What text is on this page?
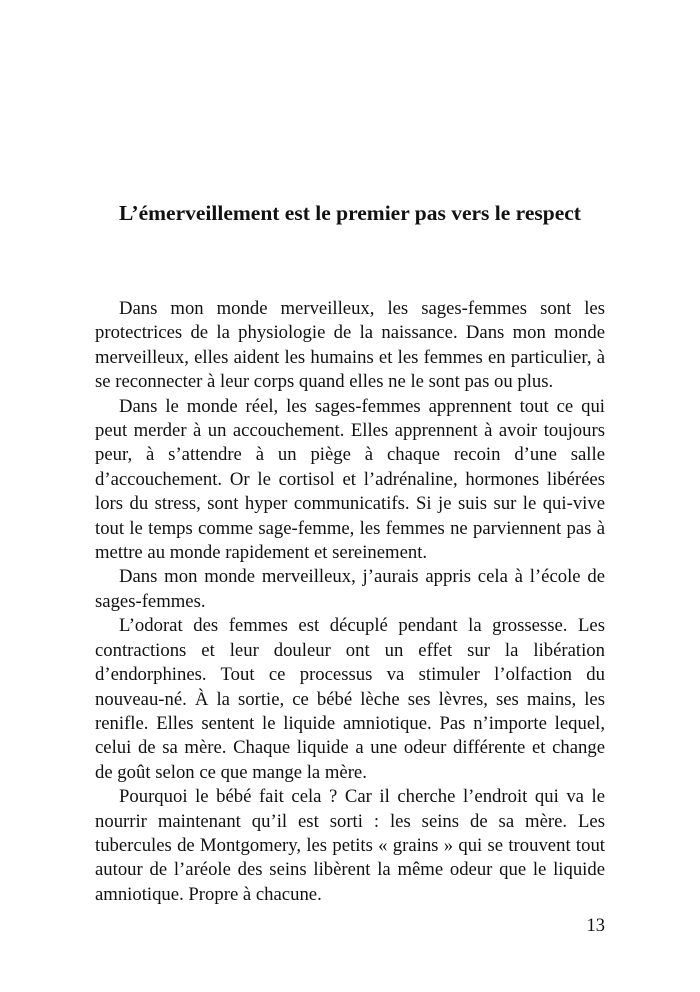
L’émerveillement est le premier pas vers le respect

Dans mon monde merveilleux, les sages-femmes sont les protectrices de la physiologie de la naissance. Dans mon monde merveilleux, elles aident les humains et les femmes en particulier, à se reconnecter à leur corps quand elles ne le sont pas ou plus.

Dans le monde réel, les sages-femmes apprennent tout ce qui peut merder à un accouchement. Elles apprennent à avoir toujours peur, à s’attendre à un piège à chaque recoin d’une salle d’accouchement. Or le cortisol et l’adrénaline, hormones libérées lors du stress, sont hyper communicatifs. Si je suis sur le qui-vive tout le temps comme sage-femme, les femmes ne parviennent pas à mettre au monde rapidement et sereinement.

Dans mon monde merveilleux, j’aurais appris cela à l’école de sages-femmes.

L’odorat des femmes est décuplé pendant la grossesse. Les contractions et leur douleur ont un effet sur la libération d’endorphines. Tout ce processus va stimuler l’olfaction du nouveau-né. À la sortie, ce bébé lèche ses lèvres, ses mains, les renifle. Elles sentent le liquide amniotique. Pas n’importe lequel, celui de sa mère. Chaque liquide a une odeur différente et change de goût selon ce que mange la mère.

Pourquoi le bébé fait cela ? Car il cherche l’endroit qui va le nourrir maintenant qu’il est sorti : les seins de sa mère. Les tubercules de Montgomery, les petits « grains » qui se trouvent tout autour de l’aréole des seins libèrent la même odeur que le liquide amniotique. Propre à chacune.

13
